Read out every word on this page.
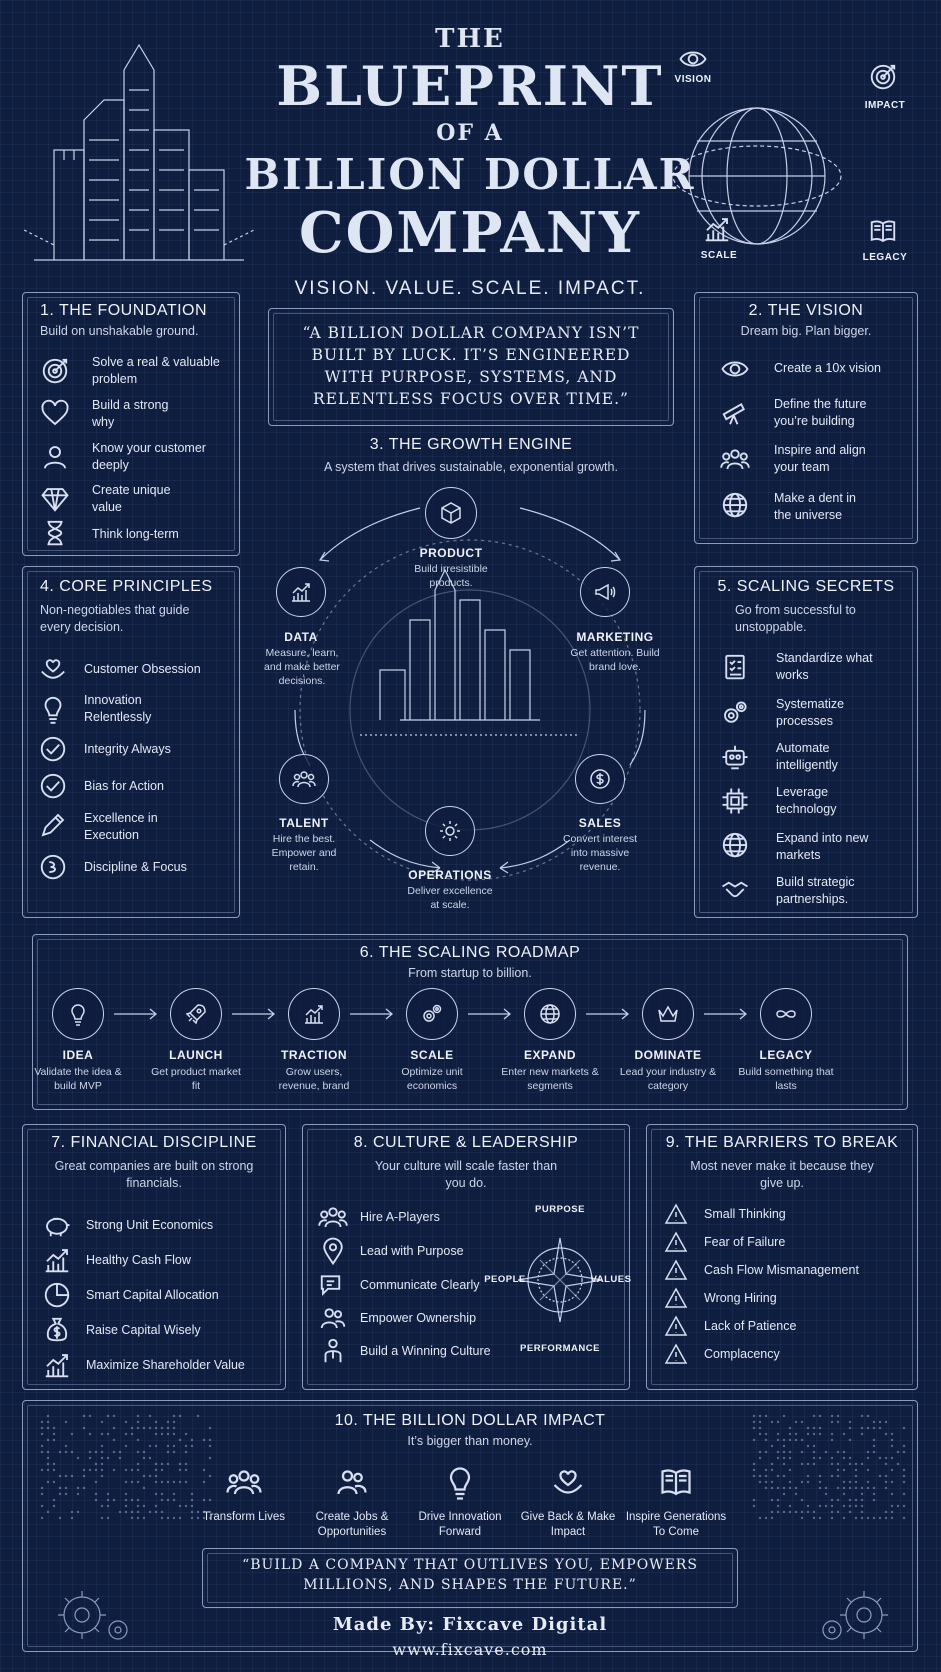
VISION
IMPACT
SCALE	LEGACY
THE
BLUEPRINT
OF A
BILLION DOLLAR
COMPANY
VISION. VALUE. SCALE. IMPACT.
“A BILLION DOLLAR COMPANY ISN’T BUILT BY LUCK. IT’S ENGINEERED WITH PURPOSE, SYSTEMS, AND RELENTLESS FOCUS OVER TIME.”
1. THE FOUNDATION
Build on unshakable ground.
Solve a real & valuable problem
Build a strong why
Know your customer deeply
Create unique value
Think long-term
2. THE VISION
Dream big. Plan bigger.
Create a 10x vision
Define the future you’re building
Inspire and align your team
Make a dent in the universe
3. THE GROWTH ENGINE
A system that drives sustainable, exponential growth.
PRODUCT
Build irresistible products.
MARKETING
Get attention. Build brand love.
SALES
Convert interest into massive revenue.
OPERATIONS
Deliver excellence at scale.
TALENT
Hire the best. Empower and retain.
DATA
Measure, learn, and make better decisions.
4. CORE PRINCIPLES
Non-negotiables that guide every decision.
Customer Obsession
Innovation Relentlessly
Integrity Always
Bias for Action
Excellence in Execution
Discipline & Focus
5. SCALING SECRETS
Go from successful to unstoppable.
Standardize what works
Systematize processes
Automate intelligently
Leverage technology
Expand into new markets
Build strategic partnerships.
6. THE SCALING ROADMAP
From startup to billion.
IDEA
Validate the idea & build MVP
LAUNCH
Get product market fit
TRACTION
Grow users, revenue, brand
SCALE
Optimize unit economics
EXPAND
Enter new markets & segments
DOMINATE
Lead your industry & category
LEGACY
Build something that lasts
7. FINANCIAL DISCIPLINE
Great companies are built on strong financials.
Strong Unit Economics
Healthy Cash Flow
Smart Capital Allocation
Raise Capital Wisely
Maximize Shareholder Value
8. CULTURE & LEADERSHIP
Your culture will scale faster than you do.
Hire A-Players
Lead with Purpose
Communicate Clearly
Empower Ownership
Build a Winning Culture
PURPOSE
VALUES
PERFORMANCE
PEOPLE
9. THE BARRIERS TO BREAK
Most never make it because they give up.
Small Thinking
Fear of Failure
Cash Flow Mismanagement
Wrong Hiring
Lack of Patience
Complacency
10. THE BILLION DOLLAR IMPACT
It’s bigger than money.
Transform Lives	Create Jobs & Opportunities
Drive Innovation Forward
Give Back & Make Impact
Inspire Generations To Come
“BUILD A COMPANY THAT OUTLIVES YOU, EMPOWERS MILLIONS, AND SHAPES THE FUTURE.”
Made By: Fixcave Digital
www.fixcave.com
